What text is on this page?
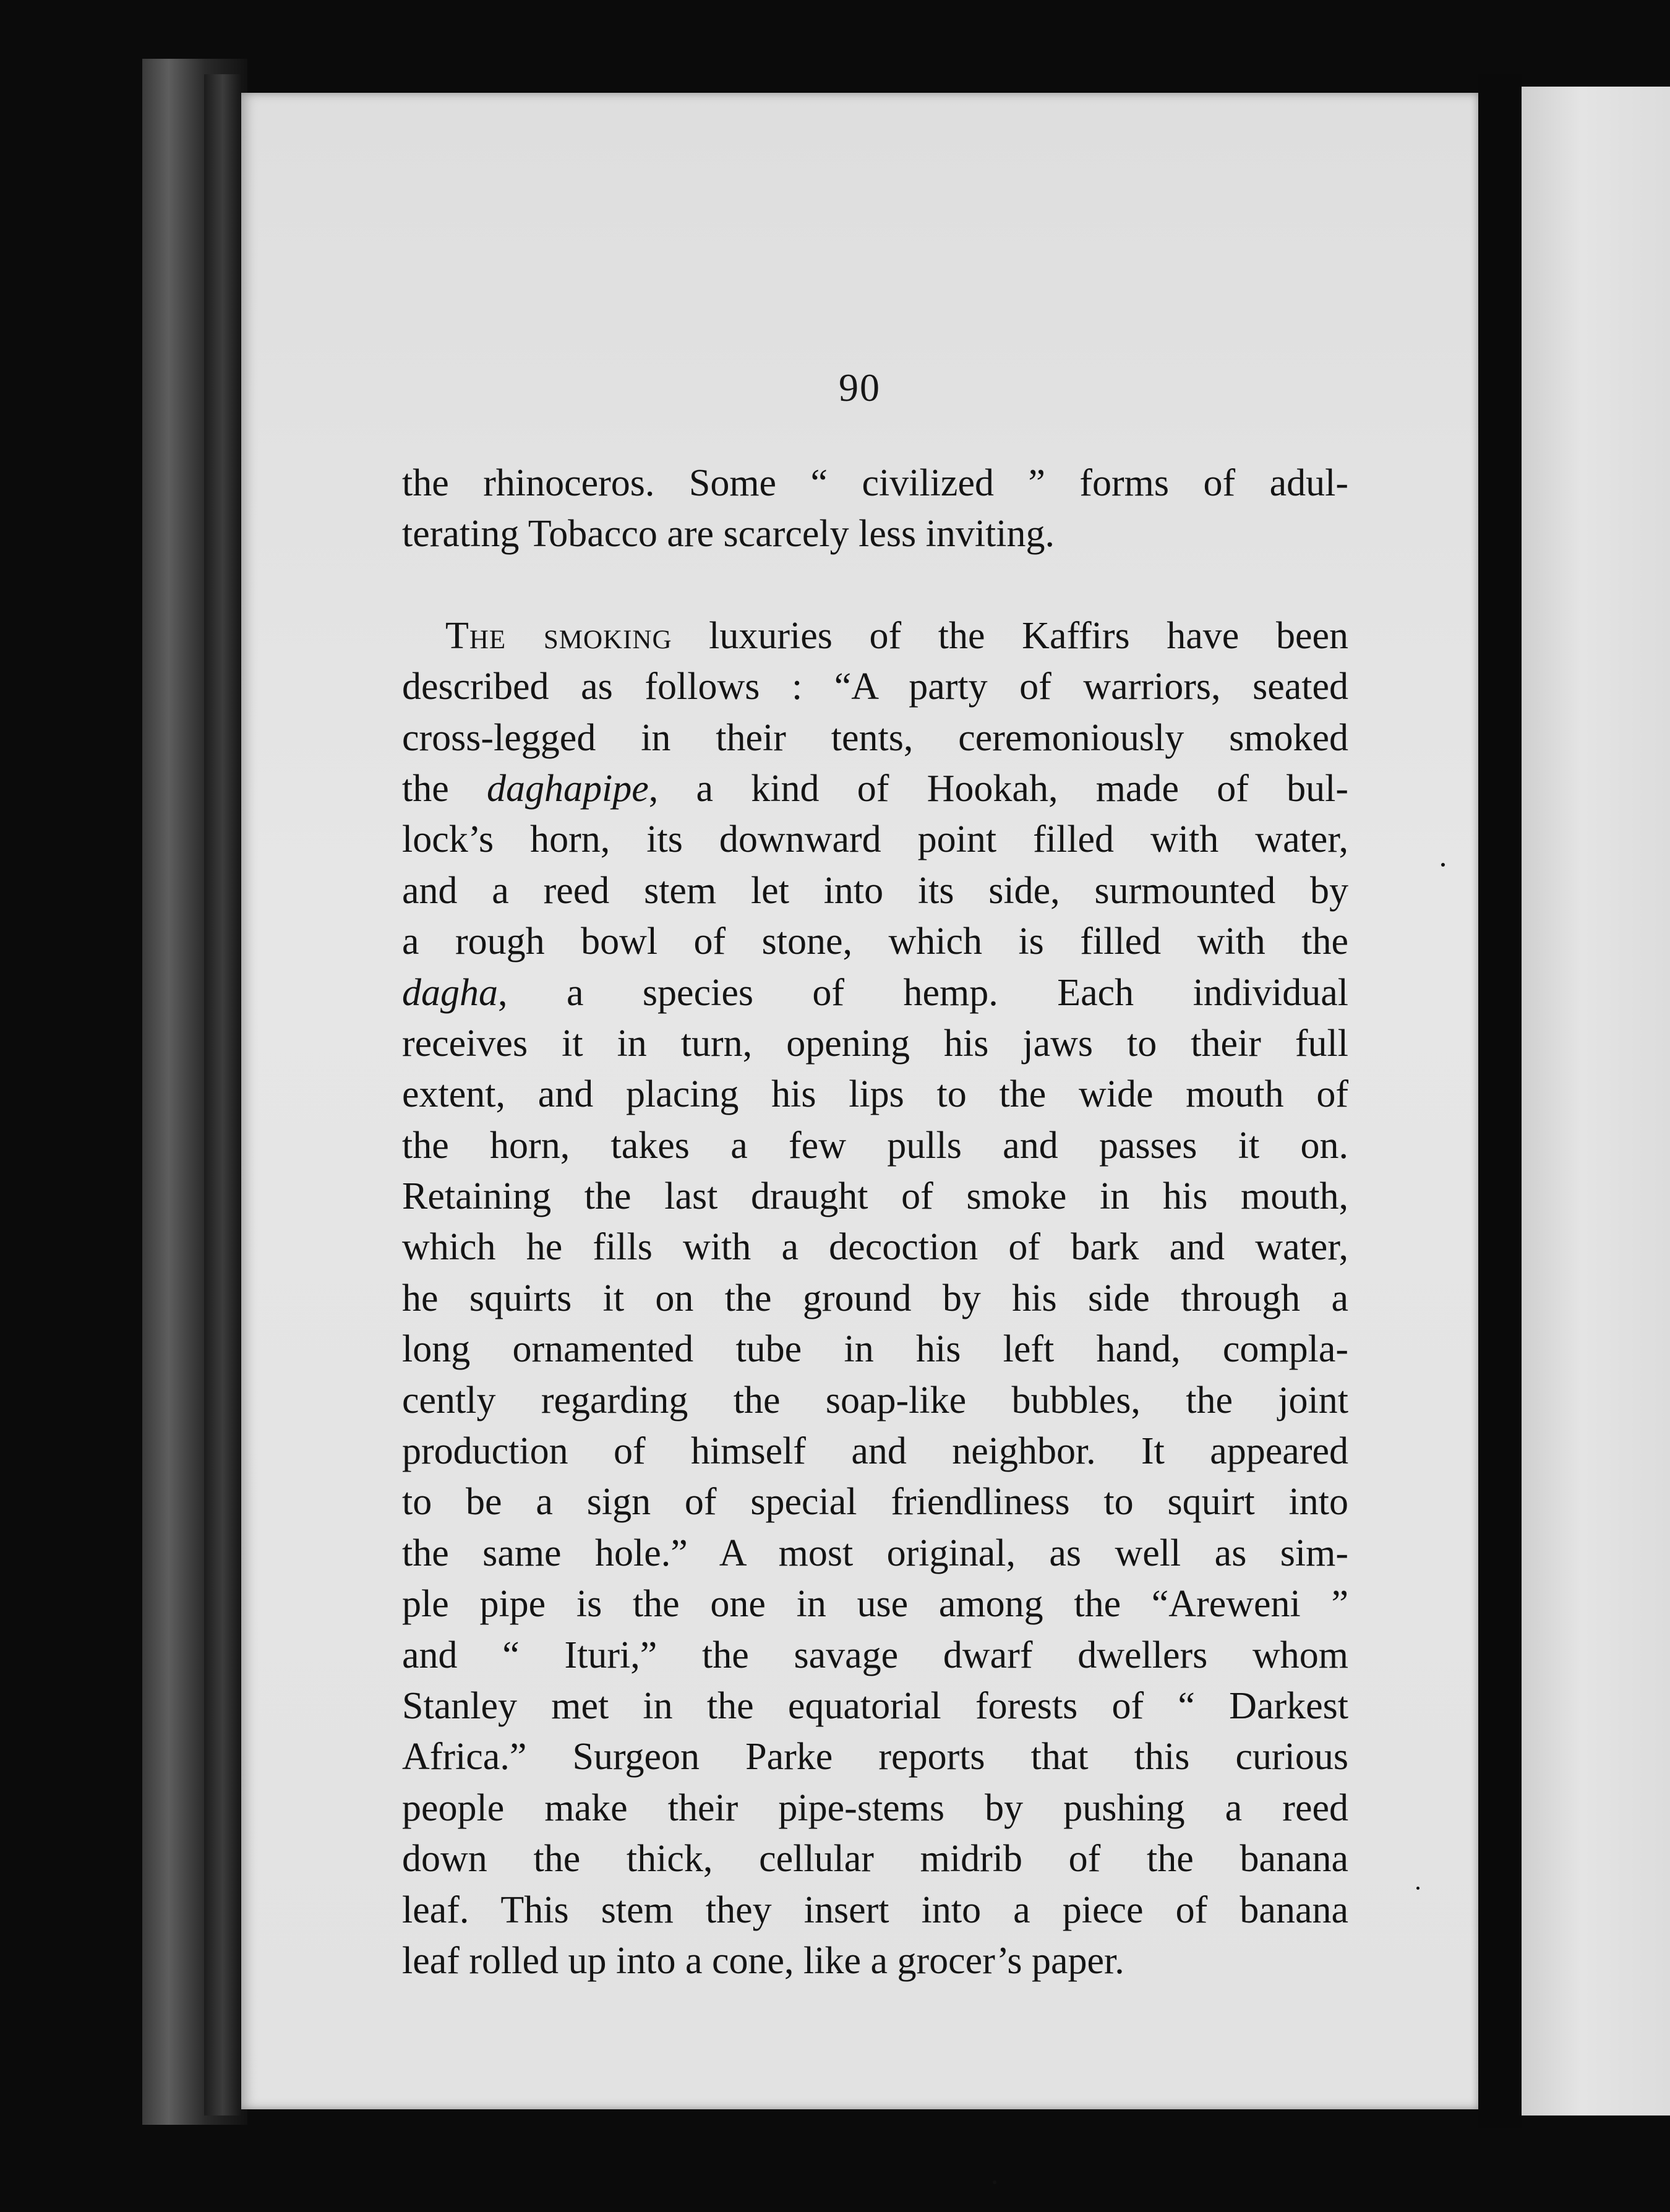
90

the rhinoceros. Some “ civilized ” forms of adul-
terating Tobacco are scarcely less inviting.

The smoking luxuries of the Kaffirs have been
described as follows : “A party of warriors, seated
cross-legged in their tents, ceremoniously smoked
the daghapipe, a kind of Hookah, made of bul-
lock’s horn, its downward point filled with water,
and a reed stem let into its side, surmounted by
a rough bowl of stone, which is filled with the
dagha, a species of hemp. Each individual
receives it in turn, opening his jaws to their full
extent, and placing his lips to the wide mouth of
the horn, takes a few pulls and passes it on.
Retaining the last draught of smoke in his mouth,
which he fills with a decoction of bark and water,
he squirts it on the ground by his side through a
long ornamented tube in his left hand, compla-
cently regarding the soap-like bubbles, the joint
production of himself and neighbor. It appeared
to be a sign of special friendliness to squirt into
the same hole.” A most original, as well as sim-
ple pipe is the one in use among the “Areweni ”
and “ Ituri,” the savage dwarf dwellers whom
Stanley met in the equatorial forests of “ Darkest
Africa.” Surgeon Parke reports that this curious
people make their pipe-stems by pushing a reed
down the thick, cellular midrib of the banana
leaf. This stem they insert into a piece of banana
leaf rolled up into a cone, like a grocer’s paper.
